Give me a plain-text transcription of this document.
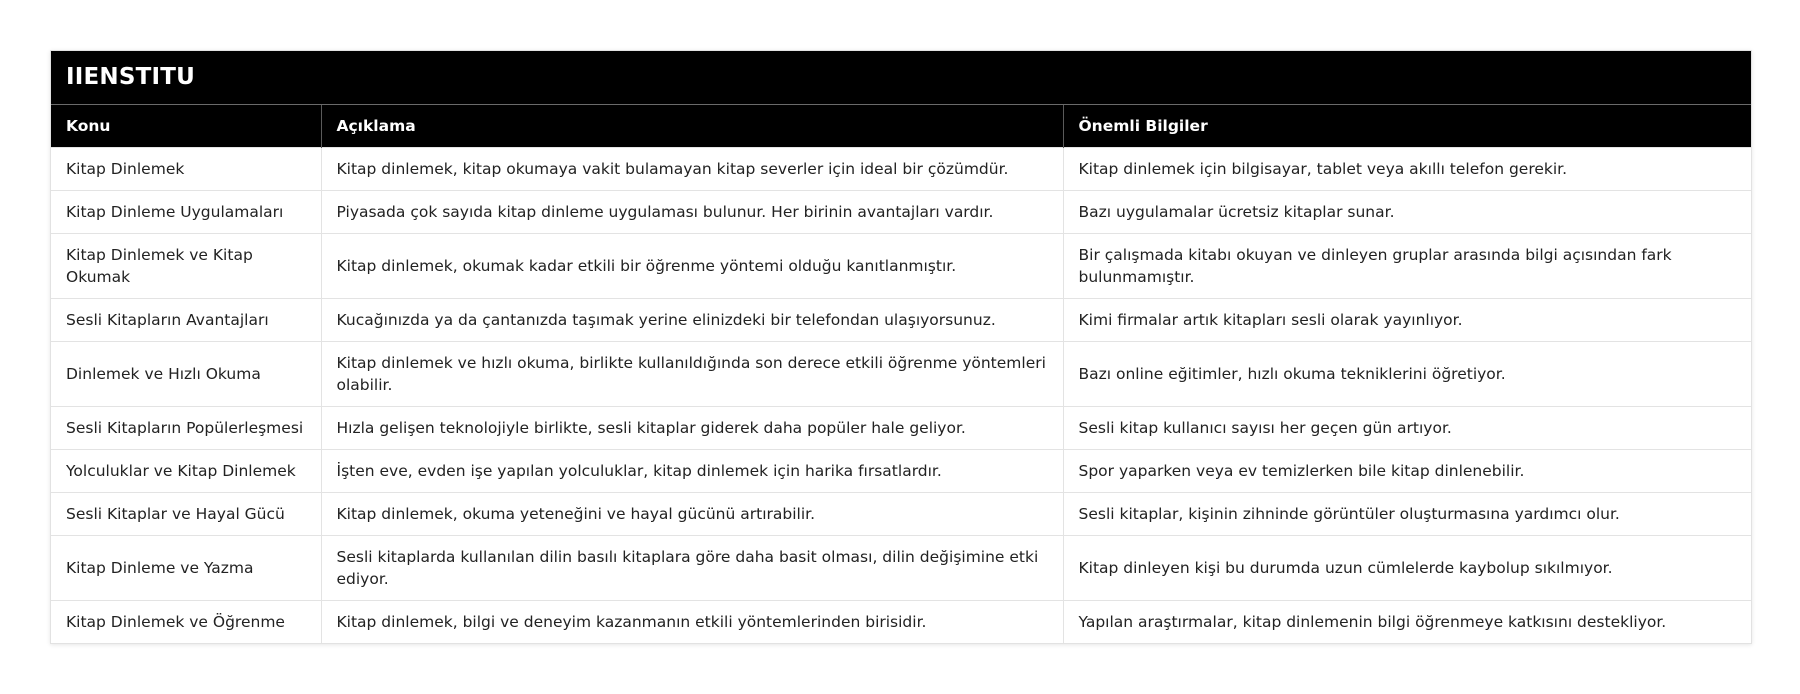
IIENSTITU
Konu	Açıklama	Önemli Bilgiler
Kitap Dinlemek	Kitap dinlemek, kitap okumaya vakit bulamayan kitap severler için ideal bir çözümdür.	Kitap dinlemek için bilgisayar, tablet veya akıllı telefon gerekir.
Kitap Dinleme Uygulamaları	Piyasada çok sayıda kitap dinleme uygulaması bulunur. Her birinin avantajları vardır.	Bazı uygulamalar ücretsiz kitaplar sunar.
Kitap Dinlemek ve Kitap Okumak	Kitap dinlemek, okumak kadar etkili bir öğrenme yöntemi olduğu kanıtlanmıştır.	Bir çalışmada kitabı okuyan ve dinleyen gruplar arasında bilgi açısından fark bulunmamıştır.
Sesli Kitapların Avantajları	Kucağınızda ya da çantanızda taşımak yerine elinizdeki bir telefondan ulaşıyorsunuz.	Kimi firmalar artık kitapları sesli olarak yayınlıyor.
Dinlemek ve Hızlı Okuma	Kitap dinlemek ve hızlı okuma, birlikte kullanıldığında son derece etkili öğrenme yöntemleri olabilir.	Bazı online eğitimler, hızlı okuma tekniklerini öğretiyor.
Sesli Kitapların Popülerleşmesi	Hızla gelişen teknolojiyle birlikte, sesli kitaplar giderek daha popüler hale geliyor.	Sesli kitap kullanıcı sayısı her geçen gün artıyor.
Yolculuklar ve Kitap Dinlemek	İşten eve, evden işe yapılan yolculuklar, kitap dinlemek için harika fırsatlardır.	Spor yaparken veya ev temizlerken bile kitap dinlenebilir.
Sesli Kitaplar ve Hayal Gücü	Kitap dinlemek, okuma yeteneğini ve hayal gücünü artırabilir.	Sesli kitaplar, kişinin zihninde görüntüler oluşturmasına yardımcı olur.
Kitap Dinleme ve Yazma	Sesli kitaplarda kullanılan dilin basılı kitaplara göre daha basit olması, dilin değişimine etki ediyor.	Kitap dinleyen kişi bu durumda uzun cümlelerde kaybolup sıkılmıyor.
Kitap Dinlemek ve Öğrenme	Kitap dinlemek, bilgi ve deneyim kazanmanın etkili yöntemlerinden birisidir.	Yapılan araştırmalar, kitap dinlemenin bilgi öğrenmeye katkısını destekliyor.
